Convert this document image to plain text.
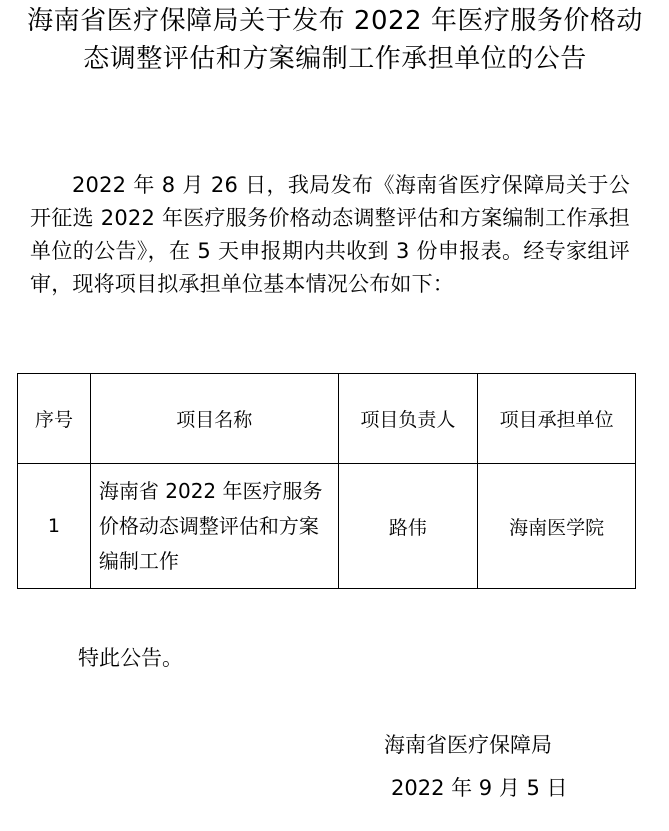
海南省医疗保障局关于发布 2022 年医疗服务价格动态调整评估和方案编制工作承担单位的公告

2022 年 8 月 26 日，我局发布《海南省医疗保障局关于公开征选 2022 年医疗服务价格动态调整评估和方案编制工作承担单位的公告》，在 5 天申报期内共收到 3 份申报表。经专家组评审，现将项目拟承担单位基本情况公布如下：

序号	项目名称	项目负责人	项目承担单位
1	海南省 2022 年医疗服务价格动态调整评估和方案编制工作	路伟	海南医学院

特此公告。

海南省医疗保障局

2022 年 9 月 5 日
